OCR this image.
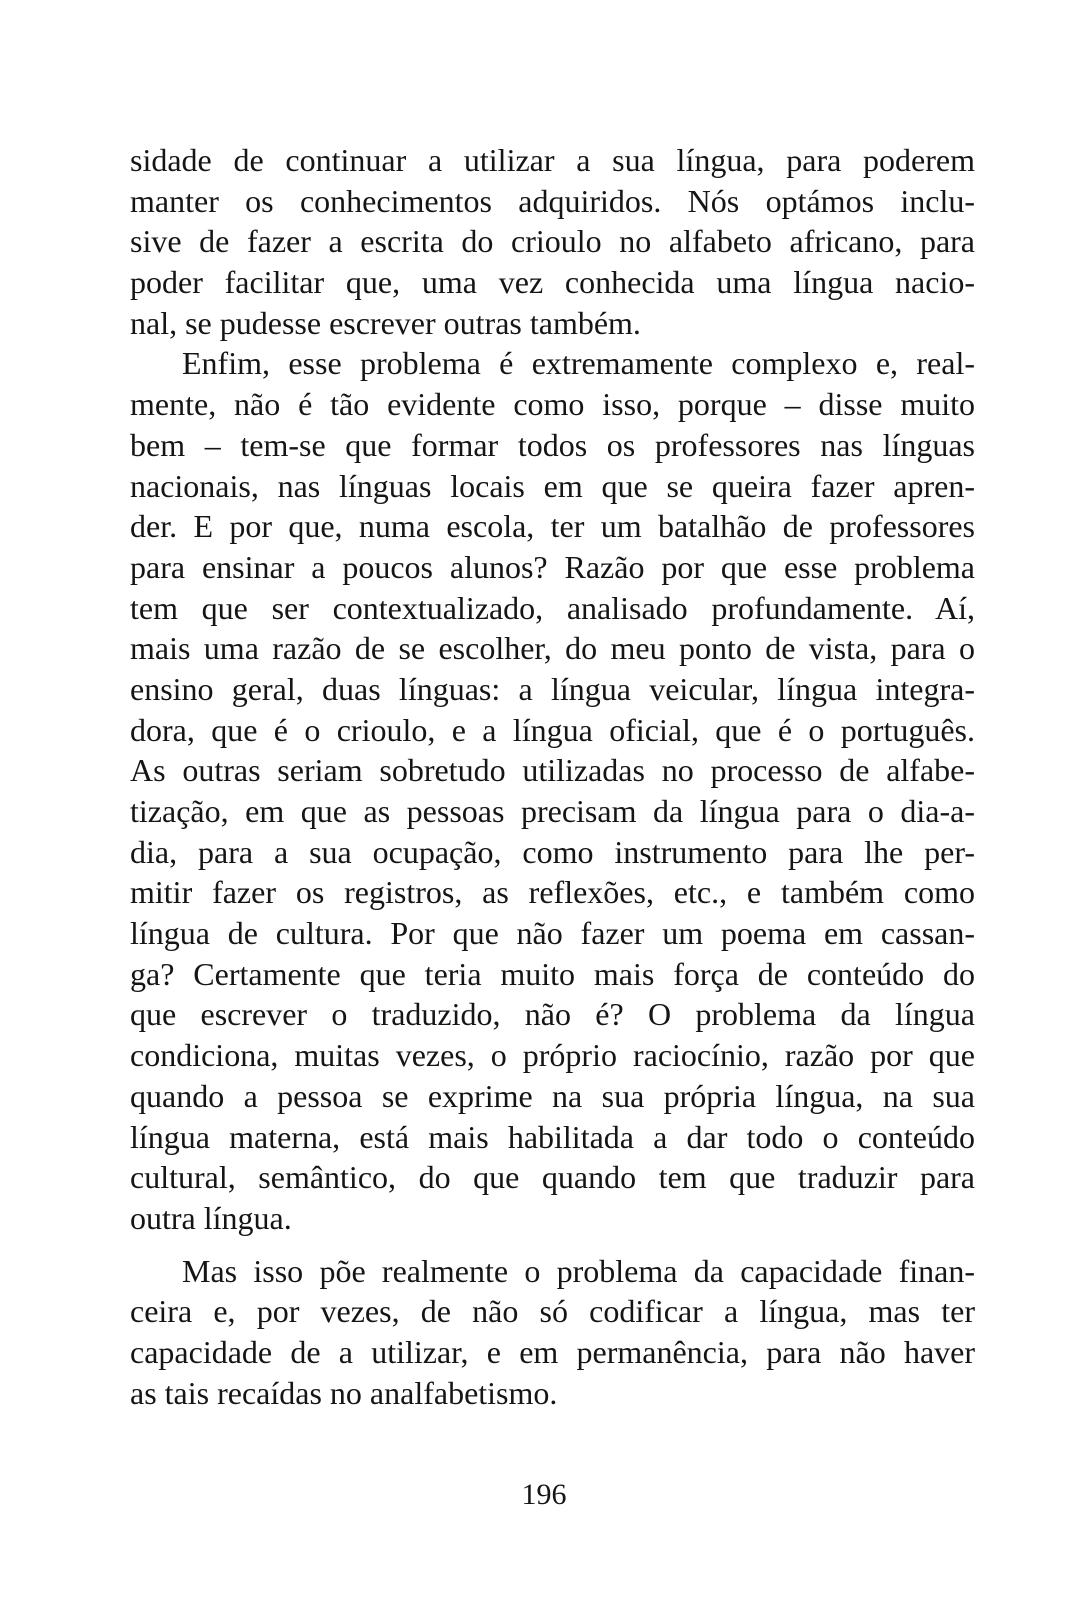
sidade de continuar a utilizar a sua língua, para poderem
manter os conhecimentos adquiridos. Nós optámos inclu-
sive de fazer a escrita do crioulo no alfabeto africano, para
poder facilitar que, uma vez conhecida uma língua nacio-
nal, se pudesse escrever outras também.
Enfim, esse problema é extremamente complexo e, real-
mente, não é tão evidente como isso, porque – disse muito
bem – tem-se que formar todos os professores nas línguas
nacionais, nas línguas locais em que se queira fazer apren-
der. E por que, numa escola, ter um batalhão de professores
para ensinar a poucos alunos? Razão por que esse problema
tem que ser contextualizado, analisado profundamente. Aí,
mais uma razão de se escolher, do meu ponto de vista, para o
ensino geral, duas línguas: a língua veicular, língua integra-
dora, que é o crioulo, e a língua oficial, que é o português.
As outras seriam sobretudo utilizadas no processo de alfabe-
tização, em que as pessoas precisam da língua para o dia-a-
dia, para a sua ocupação, como instrumento para lhe per-
mitir fazer os registros, as reflexões, etc., e também como
língua de cultura. Por que não fazer um poema em cassan-
ga? Certamente que teria muito mais força de conteúdo do
que escrever o traduzido, não é? O problema da língua
condiciona, muitas vezes, o próprio raciocínio, razão por que
quando a pessoa se exprime na sua própria língua, na sua
língua materna, está mais habilitada a dar todo o conteúdo
cultural, semântico, do que quando tem que traduzir para
outra língua.
Mas isso põe realmente o problema da capacidade finan-
ceira e, por vezes, de não só codificar a língua, mas ter
capacidade de a utilizar, e em permanência, para não haver
as tais recaídas no analfabetismo.
196
